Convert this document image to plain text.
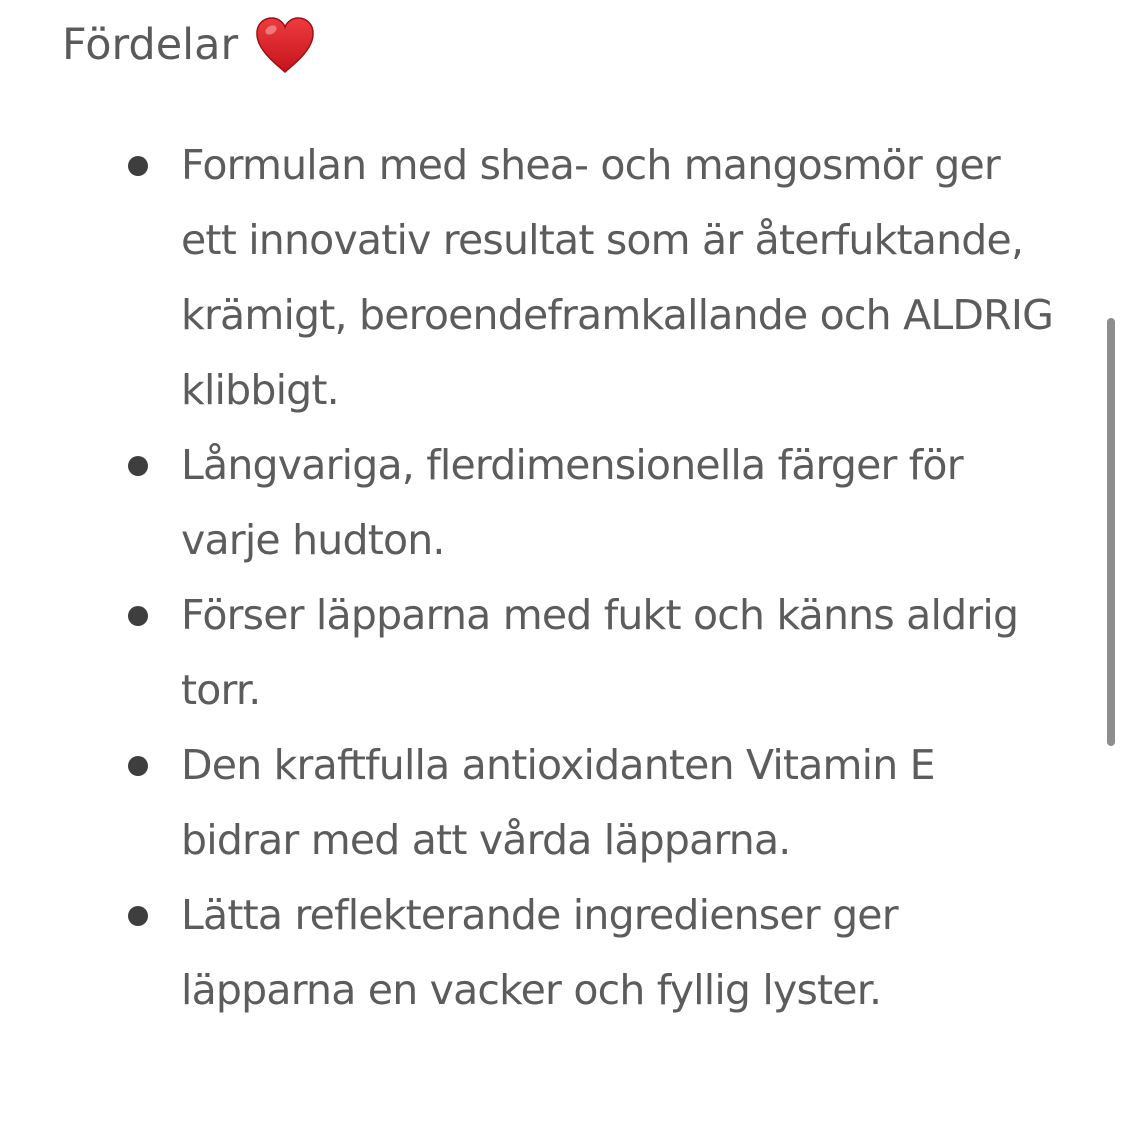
Fördelar
Formulan med shea- och mangosmör ger ett innovativ resultat som är återfuktande, krämigt, beroendeframkallande och ALDRIG klibbigt.
Långvariga, flerdimensionella färger för varje hudton.
Förser läpparna med fukt och känns aldrig torr.
Den kraftfulla antioxidanten Vitamin E bidrar med att vårda läpparna.
Lätta reflekterande ingredienser ger läpparna en vacker och fyllig lyster.
